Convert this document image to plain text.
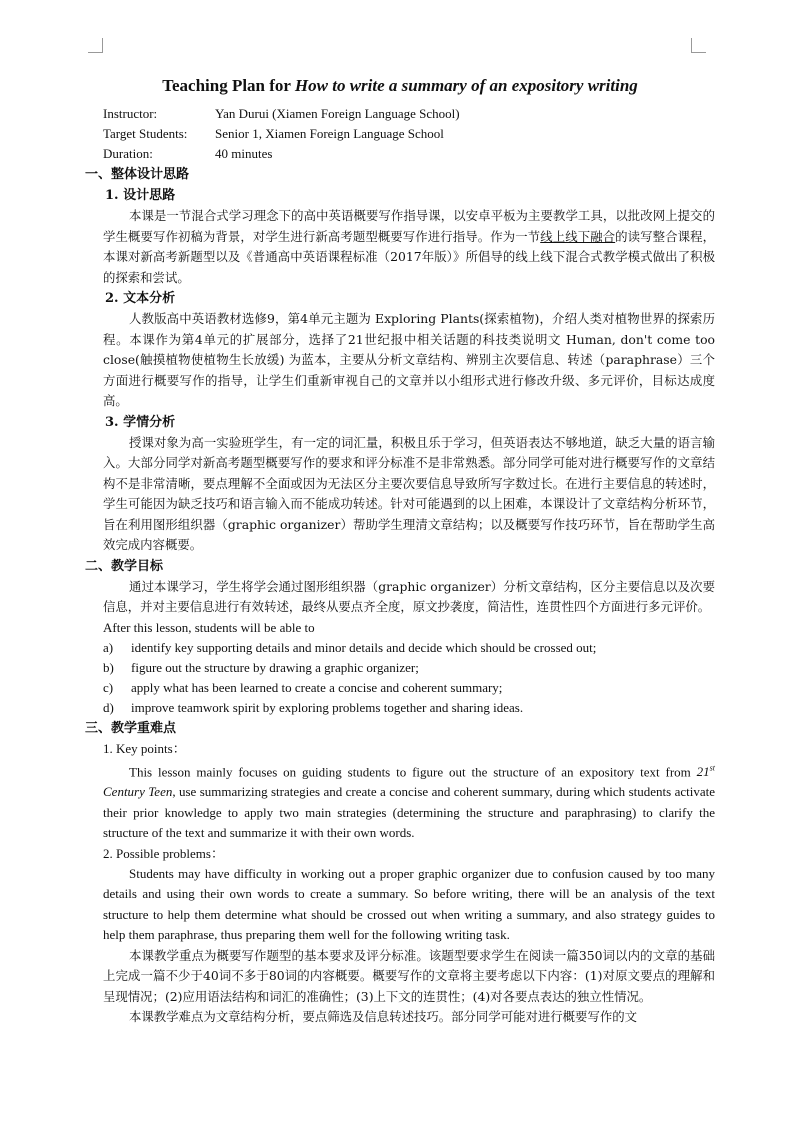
Teaching Plan for How to write a summary of an expository writing
Instructor:	Yan Durui (Xiamen Foreign Language School)
Target Students:	Senior 1, Xiamen Foreign Language School
Duration:	40 minutes
一、整体设计思路
1. 设计思路

本课是一节混合式学习理念下的高中英语概要写作指导课，以安卓平板为主要教学工具，以批改网上提交的学生概要写作初稿为背景，对学生进行新高考题型概要写作进行指导。作为一节线上线下融合的读写整合课程，本课对新高考新题型以及《普通高中英语课程标准（2017年版）》所倡导的线上线下混合式教学模式做出了积极的探索和尝试。

2. 文本分析

人教版高中英语教材选修9，第4单元主题为 Exploring Plants(探索植物)，介绍人类对植物世界的探索历程。本课作为第4单元的扩展部分，选择了21世纪报中相关话题的科技类说明文 Human, don't come too close(触摸植物使植物生长放缓) 为蓝本，主要从分析文章结构、辨别主次要信息、转述（paraphrase）三个方面进行概要写作的指导，让学生们重新审视自己的文章并以小组形式进行修改升级、多元评价，目标达成度高。

3. 学情分析

授课对象为高一实验班学生，有一定的词汇量，积极且乐于学习，但英语表达不够地道，缺乏大量的语言输入。大部分同学对新高考题型概要写作的要求和评分标准不是非常熟悉。部分同学可能对进行概要写作的文章结构不是非常清晰，要点理解不全面或因为无法区分主要次要信息导致所写字数过长。在进行主要信息的转述时，学生可能因为缺乏技巧和语言输入而不能成功转述。针对可能遇到的以上困难，本课设计了文章结构分析环节，旨在利用图形组织器（graphic organizer）帮助学生理清文章结构；以及概要写作技巧环节，旨在帮助学生高效完成内容概要。

二、教学目标

通过本课学习，学生将学会通过图形组织器（graphic organizer）分析文章结构，区分主要信息以及次要信息，并对主要信息进行有效转述，最终从要点齐全度，原文抄袭度，简洁性，连贯性四个方面进行多元评价。

After this lesson, students will be able to
a)	identify key supporting details and minor details and decide which should be crossed out;
b)	figure out the structure by drawing a graphic organizer;
c)	apply what has been learned to create a concise and coherent summary;
d)	improve teamwork spirit by exploring problems together and sharing ideas.
三、教学重难点
1. Key points：

This lesson mainly focuses on guiding students to figure out the structure of an expository text from 21st Century Teen, use summarizing strategies and create a concise and coherent summary, during which students activate their prior knowledge to apply two main strategies (determining the structure and paraphrasing) to clarify the structure of the text and summarize it with their own words.

2. Possible problems：

Students may have difficulty in working out a proper graphic organizer due to confusion caused by too many details and using their own words to create a summary. So before writing, there will be an analysis of the text structure to help them determine what should be crossed out when writing a summary, and also strategy guides to help them paraphrase, thus preparing them well for the following writing task.

本课教学重点为概要写作题型的基本要求及评分标准。该题型要求学生在阅读一篇350词以内的文章的基础上完成一篇不少于40词不多于80词的内容概要。概要写作的文章将主要考虑以下内容：(1)对原文要点的理解和呈现情况；(2)应用语法结构和词汇的准确性；(3)上下文的连贯性；(4)对各要点表达的独立性情况。

本课教学难点为文章结构分析，要点筛选及信息转述技巧。部分同学可能对进行概要写作的文
